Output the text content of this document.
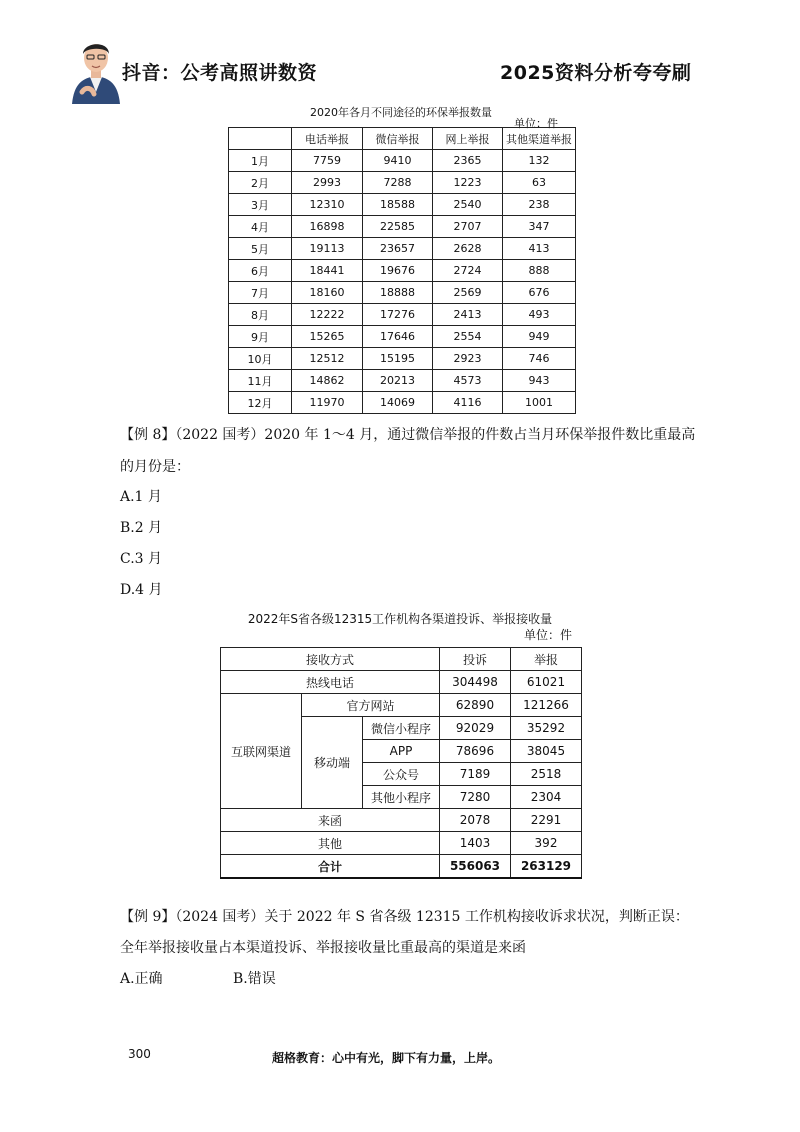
抖音：公考高照讲数资	2025资料分析夸夸刷
2020年各月不同途径的环保举报数量
单位：件
	电话举报	微信举报	网上举报	其他渠道举报
1月	7759	9410	2365	132
2月	2993	7288	1223	63
3月	12310	18588	2540	238
4月	16898	22585	2707	347
5月	19113	23657	2628	413
6月	18441	19676	2724	888
7月	18160	18888	2569	676
8月	12222	17276	2413	493
9月	15265	17646	2554	949
10月	12512	15195	2923	746
11月	14862	20213	4573	943
12月	11970	14069	4116	1001
【例 8】（2022 国考）2020 年 1～4 月，通过微信举报的件数占当月环保举报件数比重最高
的月份是：
A.1 月
B.2 月
C.3 月
D.4 月
2022年S省各级12315工作机构各渠道投诉、举报接收量
单位：件
接收方式			投诉	举报
热线电话			304498	61021
互联网渠道	官方网站		62890	121266
	移动端	微信小程序	92029	35292
		APP	78696	38045
		公众号	7189	2518
		其他小程序	7280	2304
来函			2078	2291
其他			1403	392
合计			556063	263129
【例 9】（2024 国考）关于 2022 年 S 省各级 12315 工作机构接收诉求状况，判断正误：
全年举报接收量占本渠道投诉、举报接收量比重最高的渠道是来函
A.正确	B.错误
300	超格教育：心中有光，脚下有力量，上岸。
